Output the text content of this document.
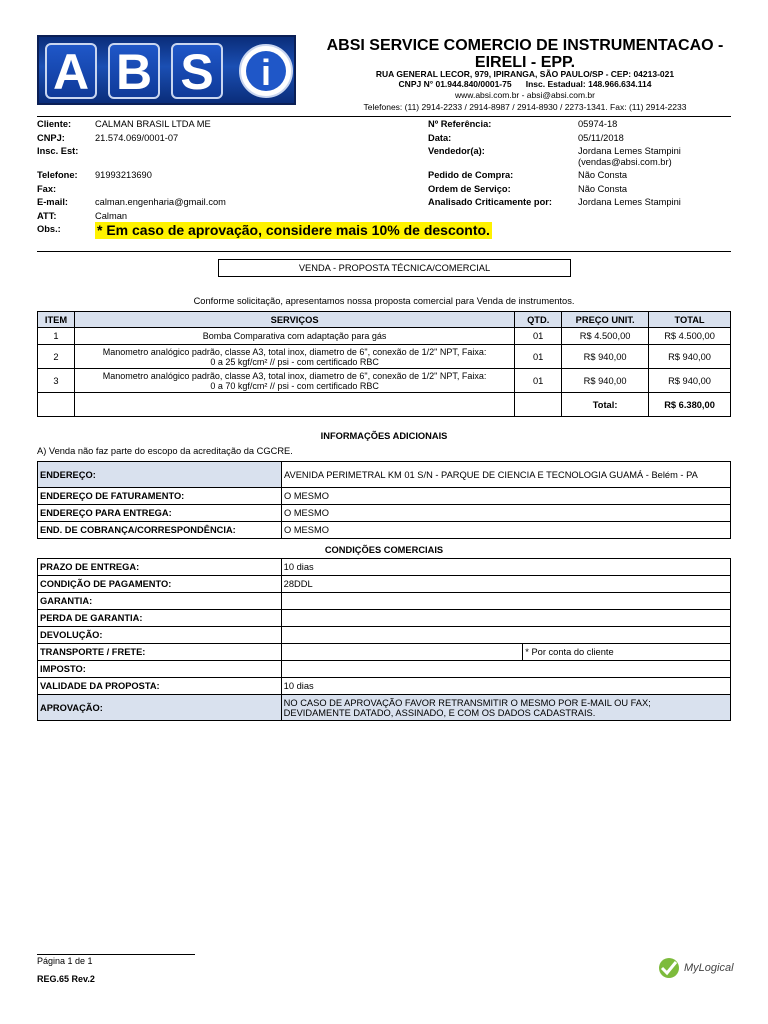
A B S i
ABSI SERVICE COMERCIO DE INSTRUMENTACAO - EIRELI - EPP.
RUA GENERAL LECOR, 979, IPIRANGA, SÃO PAULO/SP - CEP: 04213-021
CNPJ N° 01.944.840/0001-75      Insc. Estadual: 148.966.634.114
www.absi.com.br - absi@absi.com.br
Telefones: (11) 2914-2233 / 2914-8987 / 2914-8930 / 2273-1341. Fax: (11) 2914-2233
Cliente:	CALMAN BRASIL LTDA ME
CNPJ:	21.574.069/0001-07
Insc. Est:
Telefone: 91993213690
Fax:
E-mail:	calman.engenharia@gmail.com
ATT:	Calman
Obs.:	* Em caso de aprovação, considere mais 10% de desconto.
Nº Referência:	05974-18
Data:	05/11/2018
Vendedor(a):	Jordana Lemes Stampini
(vendas@absi.com.br)
Pedido de Compra:	Não Consta
Ordem de Serviço:	Não Consta
Analisado Criticamente por:	Jordana Lemes Stampini
VENDA - PROPOSTA TÉCNICA/COMERCIAL
Conforme solicitação, apresentamos nossa proposta comercial para Venda de instrumentos.
ITEM	SERVIÇOS	QTD.	PREÇO UNIT.	TOTAL
1	Bomba Comparativa com adaptação para gás	01	R$ 4.500,00	R$ 4.500,00
2	Manometro analógico padrão, classe A3, total inox, diametro de 6", conexão de 1/2" NPT, Faixa:
0 a 25 kgf/cm² // psi - com certificado RBC	01	R$ 940,00	R$ 940,00
3	Manometro analógico padrão, classe A3, total inox, diametro de 6", conexão de 1/2" NPT, Faixa:
0 a 70 kgf/cm² // psi - com certificado RBC	01	R$ 940,00	R$ 940,00
			Total:	R$ 6.380,00
INFORMAÇÕES ADICIONAIS
A) Venda não faz parte do escopo da acreditação da CGCRE.
ENDEREÇO:	AVENIDA PERIMETRAL KM 01 S/N - PARQUE DE CIENCIA E TECNOLOGIA GUAMÁ - Belém - PA
ENDEREÇO DE FATURAMENTO:	O MESMO
ENDEREÇO PARA ENTREGA:	O MESMO
END. DE COBRANÇA/CORRESPONDÊNCIA:	O MESMO
CONDIÇÕES COMERCIAIS
PRAZO DE ENTREGA:	10 dias	
CONDIÇÃO DE PAGAMENTO:	28DDL	
GARANTIA:		
PERDA DE GARANTIA:		
DEVOLUÇÃO:		
TRANSPORTE / FRETE:		* Por conta do cliente
IMPOSTO:		
VALIDADE DA PROPOSTA:	10 dias	
APROVAÇÃO:	NO CASO DE APROVAÇÃO FAVOR RETRANSMITIR O MESMO POR E-MAIL OU FAX;
DEVIDAMENTE DATADO, ASSINADO, E COM OS DADOS CADASTRAIS.	
Página 1 de 1
REG.65 Rev.2
MyLogical
